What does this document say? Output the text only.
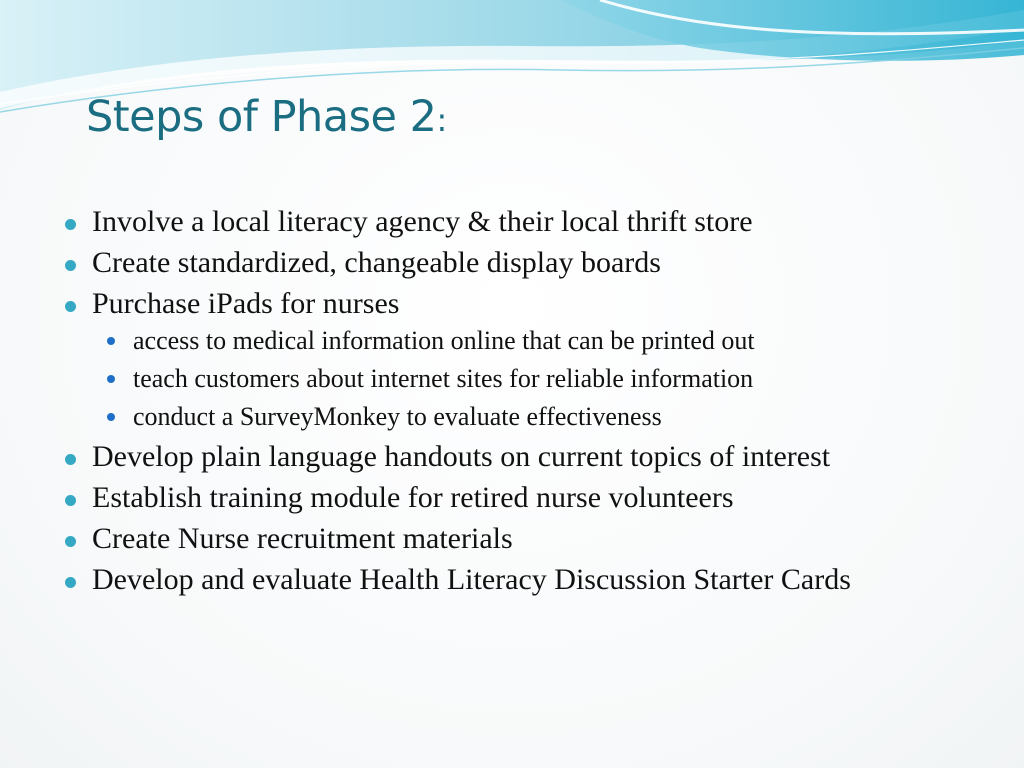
Steps of Phase 2:
Involve a local literacy agency & their local thrift store
Create standardized, changeable display boards
Purchase iPads for nurses
access to medical information online that can be printed out
teach customers about internet sites for reliable information
conduct a SurveyMonkey to evaluate effectiveness
Develop plain language handouts on current topics of interest
Establish training module for retired nurse volunteers
Create Nurse recruitment materials
Develop and evaluate Health Literacy Discussion Starter Cards
